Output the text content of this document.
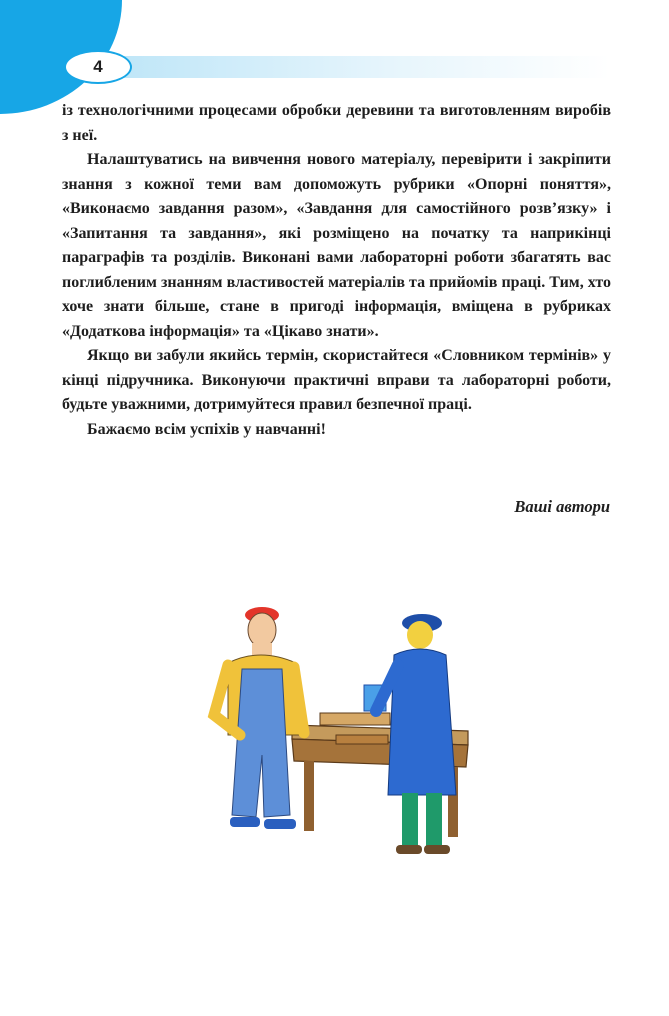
4

із технологічними процесами обробки деревини та виготовленням виробів з неї.

Налаштуватись на вивчення нового матеріалу, перевірити і закріпити знання з кожної теми вам допоможуть рубрики «Опорні поняття», «Виконаємо завдання разом», «Завдання для самостійного розв’язку» і «Запитання та завдання», які розміщено на початку та наприкінці параграфів та розділів. Виконані вами лабораторні роботи збагатять вас поглибленим знанням властивостей матеріалів та прийомів праці. Тим, хто хоче знати більше, стане в пригоді інформація, вміщена в рубриках «Додаткова інформація» та «Цікаво знати».

Якщо ви забули якийсь термін, скористайтеся «Словником термінів» у кінці підручника. Виконуючи практичні вправи та лабораторні роботи, будьте уважними, дотримуйтеся правил безпечної праці.

Бажаємо всім успіхів у навчанні!

Ваші автори
